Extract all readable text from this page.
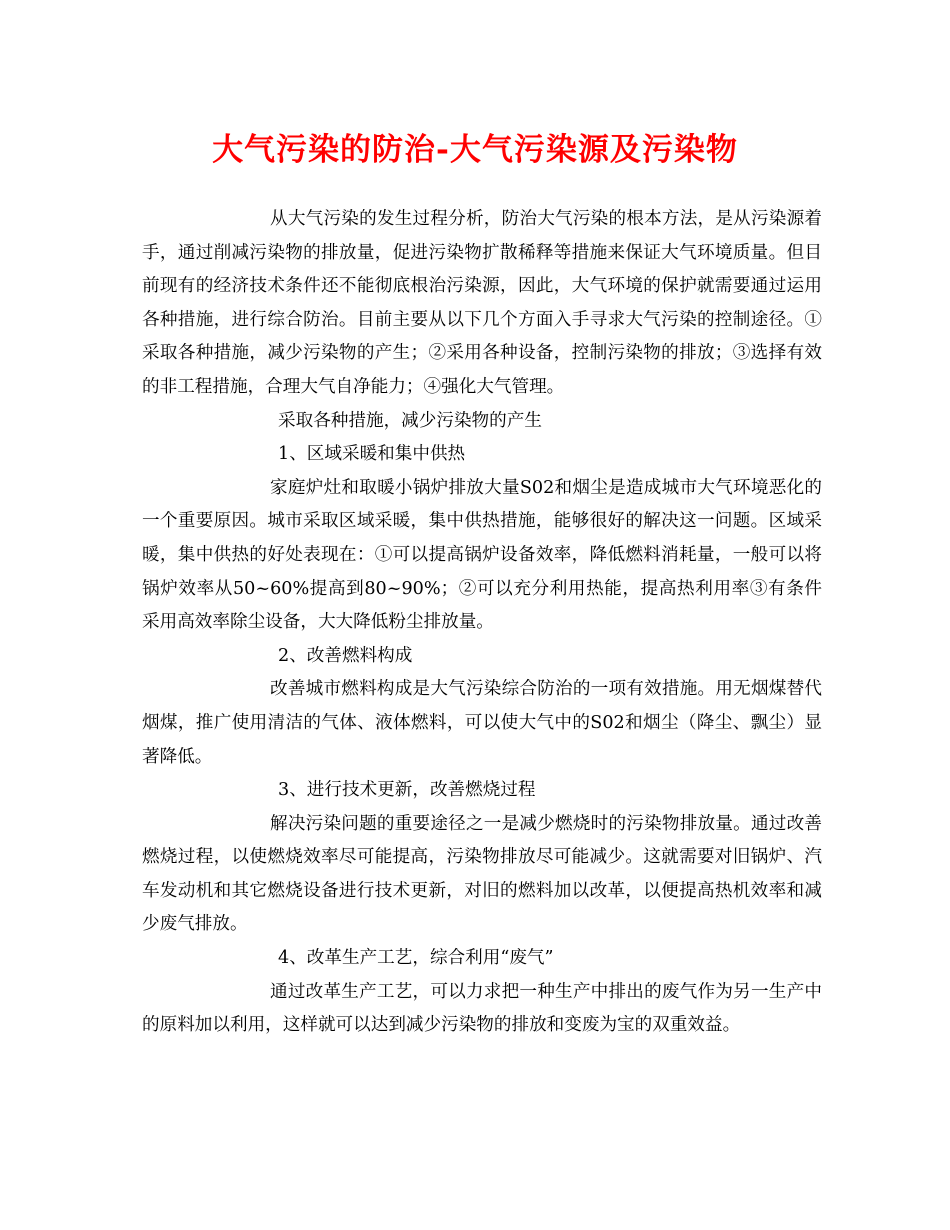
大气污染的防治-大气污染源及污染物

从大气污染的发生过程分析，防治大气污染的根本方法，是从污染源着手，通过削减污染物的排放量，促进污染物扩散稀释等措施来保证大气环境质量。但目前现有的经济技术条件还不能彻底根治污染源，因此，大气环境的保护就需要通过运用各种措施，进行综合防治。目前主要从以下几个方面入手寻求大气污染的控制途径。①采取各种措施，减少污染物的产生；②采用各种设备，控制污染物的排放；③选择有效的非工程措施，合理大气自净能力；④强化大气管理。

采取各种措施，减少污染物的产生

1、区域采暖和集中供热

家庭炉灶和取暖小锅炉排放大量S02和烟尘是造成城市大气环境恶化的一个重要原因。城市采取区域采暖，集中供热措施，能够很好的解决这一问题。区域采暖，集中供热的好处表现在：①可以提高锅炉设备效率，降低燃料消耗量，一般可以将锅炉效率从50~60%提高到80~90%；②可以充分利用热能，提高热利用率③有条件采用高效率除尘设备，大大降低粉尘排放量。

2、改善燃料构成

改善城市燃料构成是大气污染综合防治的一项有效措施。用无烟煤替代烟煤，推广使用清洁的气体、液体燃料，可以使大气中的S02和烟尘（降尘、飘尘）显著降低。

3、进行技术更新，改善燃烧过程

解决污染问题的重要途径之一是减少燃烧时的污染物排放量。通过改善燃烧过程，以使燃烧效率尽可能提高，污染物排放尽可能减少。这就需要对旧锅炉、汽车发动机和其它燃烧设备进行技术更新，对旧的燃料加以改革，以便提高热机效率和减少废气排放。

4、改革生产工艺，综合利用“废气”

通过改革生产工艺，可以力求把一种生产中排出的废气作为另一生产中的原料加以利用，这样就可以达到减少污染物的排放和变废为宝的双重效益。
